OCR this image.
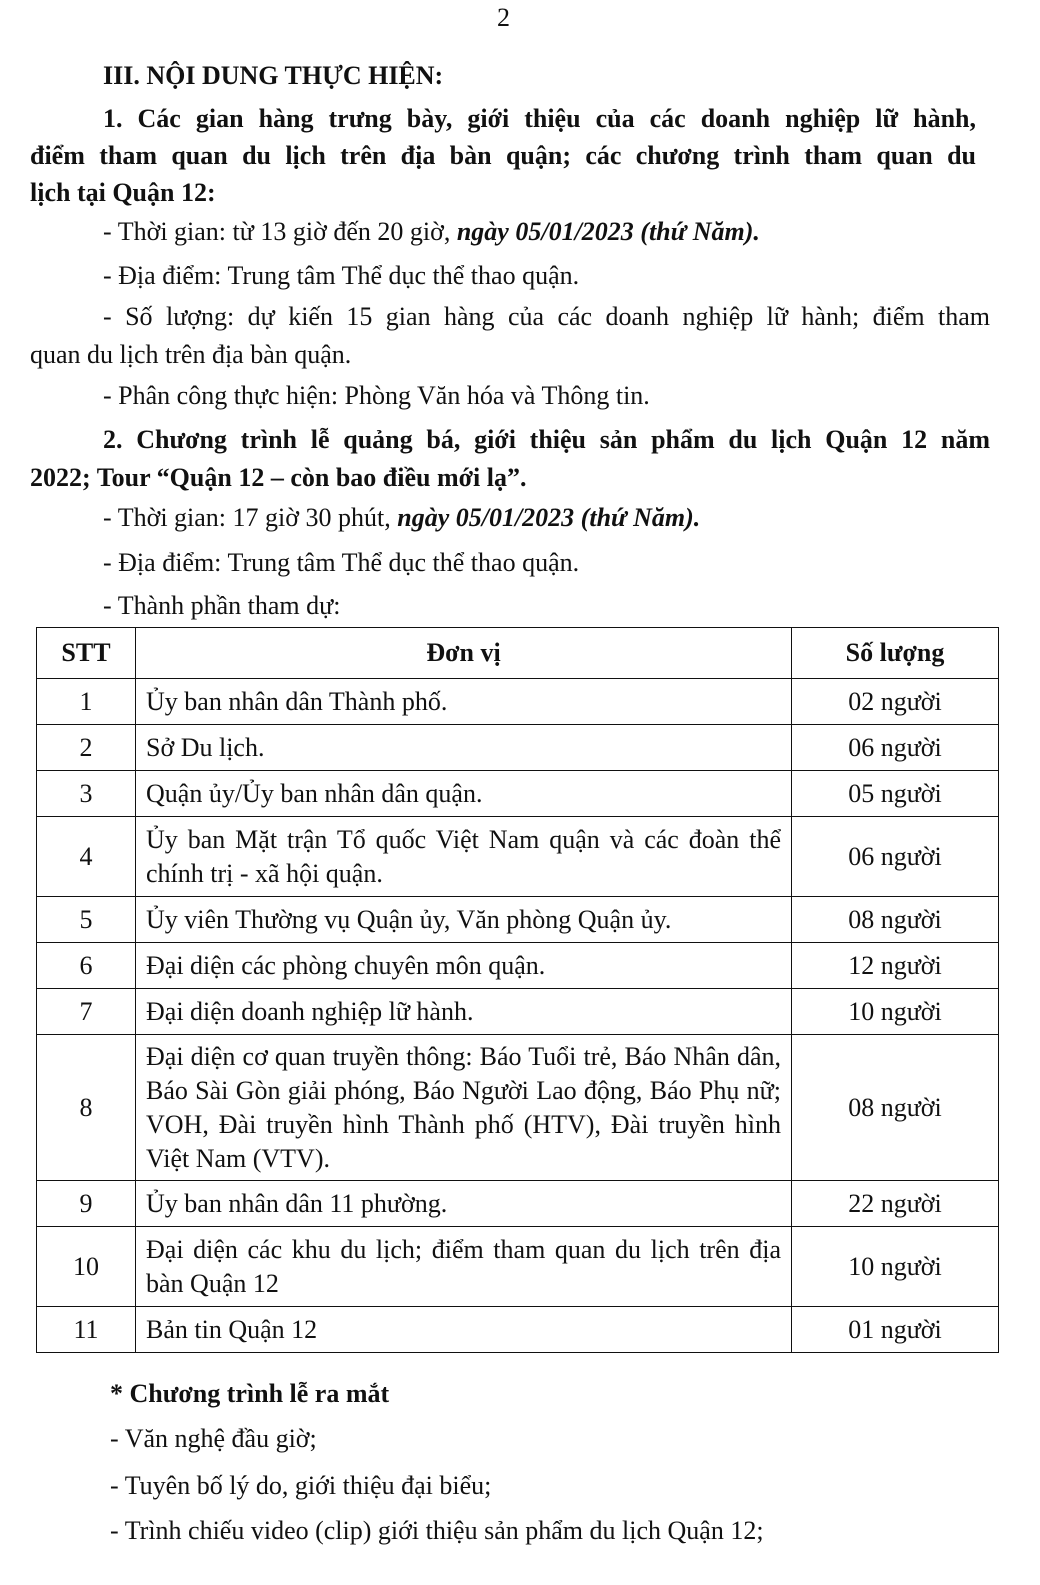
2
III. NỘI DUNG THỰC HIỆN:
1. Các gian hàng trưng bày, giới thiệu của các doanh nghiệp lữ hành,
điểm tham quan du lịch trên địa bàn quận; các chương trình tham quan du
lịch tại Quận 12:
- Thời gian: từ 13 giờ đến 20 giờ, ngày 05/01/2023 (thứ Năm).
- Địa điểm: Trung tâm Thể dục thể thao quận.
- Số lượng: dự kiến 15 gian hàng của các doanh nghiệp lữ hành; điểm tham
quan du lịch trên địa bàn quận.
- Phân công thực hiện: Phòng Văn hóa và Thông tin.
2. Chương trình lễ quảng bá, giới thiệu sản phẩm du lịch Quận 12 năm
2022; Tour “Quận 12 – còn bao điều mới lạ”.
- Thời gian: 17 giờ 30 phút, ngày 05/01/2023 (thứ Năm).
- Địa điểm: Trung tâm Thể dục thể thao quận.
- Thành phần tham dự:
STT	Đơn vị	Số lượng
1	Ủy ban nhân dân Thành phố.	02 người
2	Sở Du lịch.	06 người
3	Quận ủy/Ủy ban nhân dân quận.	05 người
4	Ủy ban Mặt trận Tổ quốc Việt Nam quận và các đoàn thể chính trị - xã hội quận.	06 người
5	Ủy viên Thường vụ Quận ủy, Văn phòng Quận ủy.	08 người
6	Đại diện các phòng chuyên môn quận.	12 người
7	Đại diện doanh nghiệp lữ hành.	10 người
8	Đại diện cơ quan truyền thông: Báo Tuổi trẻ, Báo Nhân dân, Báo Sài Gòn giải phóng, Báo Người Lao động, Báo Phụ nữ; VOH, Đài truyền hình Thành phố (HTV), Đài truyền hình Việt Nam (VTV).	08 người
9	Ủy ban nhân dân 11 phường.	22 người
10	Đại diện các khu du lịch; điểm tham quan du lịch trên địa bàn Quận 12	10 người
11	Bản tin Quận 12	01 người
* Chương trình lễ ra mắt
- Văn nghệ đầu giờ;
- Tuyên bố lý do, giới thiệu đại biểu;
- Trình chiếu video (clip) giới thiệu sản phẩm du lịch Quận 12;
